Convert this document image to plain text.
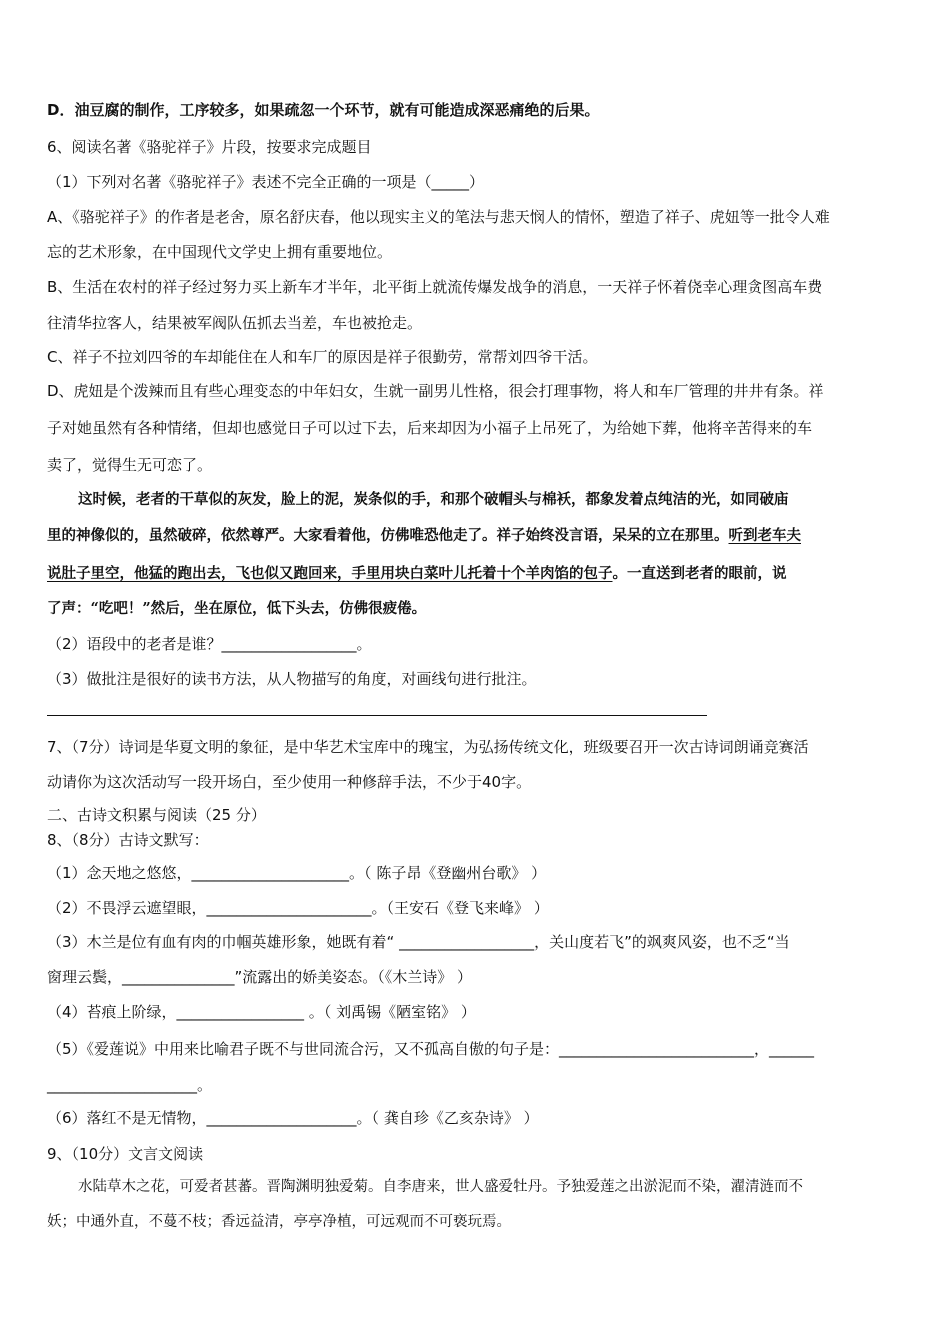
D．油豆腐的制作，工序较多，如果疏忽一个环节，就有可能造成深恶痛绝的后果。
6、阅读名著《骆驼祥子》片段，按要求完成题目
（1）下列对名著《骆驼祥子》表述不完全正确的一项是（_____）
A、《骆驼祥子》的作者是老舍，原名舒庆春，他以现实主义的笔法与悲天悯人的情怀，塑造了祥子、虎妞等一批令人难
忘的艺术形象，在中国现代文学史上拥有重要地位。
B、生活在农村的祥子经过努力买上新车才半年，北平街上就流传爆发战争的消息，一天祥子怀着侥幸心理贪图高车费
往清华拉客人，结果被军阀队伍抓去当差，车也被抢走。
C、祥子不拉刘四爷的车却能住在人和车厂的原因是祥子很勤劳，常帮刘四爷干活。
D、虎妞是个泼辣而且有些心理变态的中年妇女，生就一副男儿性格，很会打理事物，将人和车厂管理的井井有条。祥
子对她虽然有各种情绪，但却也感觉日子可以过下去，后来却因为小福子上吊死了，为给她下葬，他将辛苦得来的车
卖了，觉得生无可恋了。
这时候，老者的干草似的灰发，脸上的泥，炭条似的手，和那个破帽头与棉袄，都象发着点纯洁的光，如同破庙
里的神像似的，虽然破碎，依然尊严。大家看着他，仿佛唯恐他走了。祥子始终没言语，呆呆的立在那里。听到老车夫
说肚子里空，他猛的跑出去，飞也似又跑回来，手里用块白菜叶儿托着十个羊肉馅的包子。一直送到老者的眼前，说
了声：“吃吧！”然后，坐在原位，低下头去，仿佛很疲倦。
（2）语段中的老者是谁？__________________。
（3）做批注是很好的读书方法，从人物描写的角度，对画线句进行批注。
7、（7分）诗词是华夏文明的象征，是中华艺术宝库中的瑰宝，为弘扬传统文化，班级要召开一次古诗词朗诵竞赛活
动请你为这次活动写一段开场白，至少使用一种修辞手法，不少于40字。
二、古诗文积累与阅读（25 分）
8、（8分）古诗文默写：
（1）念天地之悠悠，_____________________。（ 陈子昂《登幽州台歌》 ）
（2）不畏浮云遮望眼，______________________。（王安石《登飞来峰》 ）
（3）木兰是位有血有肉的巾帼英雄形象，她既有着“ __________________，关山度若飞”的飒爽风姿，也不乏“当
窗理云鬓，_______________”流露出的娇美姿态。（《木兰诗》 ）
（4）苔痕上阶绿，_________________ 。（ 刘禹锡《陋室铭》 ）
（5）《爱莲说》中用来比喻君子既不与世同流合污，又不孤高自傲的句子是：__________________________，______
____________________。
（6）落红不是无情物，____________________。（ 龚自珍《乙亥杂诗》 ）
9、（10分）文言文阅读
水陆草木之花，可爱者甚蕃。晋陶渊明独爱菊。自李唐来，世人盛爱牡丹。予独爱莲之出淤泥而不染，濯清涟而不
妖；中通外直，不蔓不枝；香远益清，亭亭净植，可远观而不可亵玩焉。
